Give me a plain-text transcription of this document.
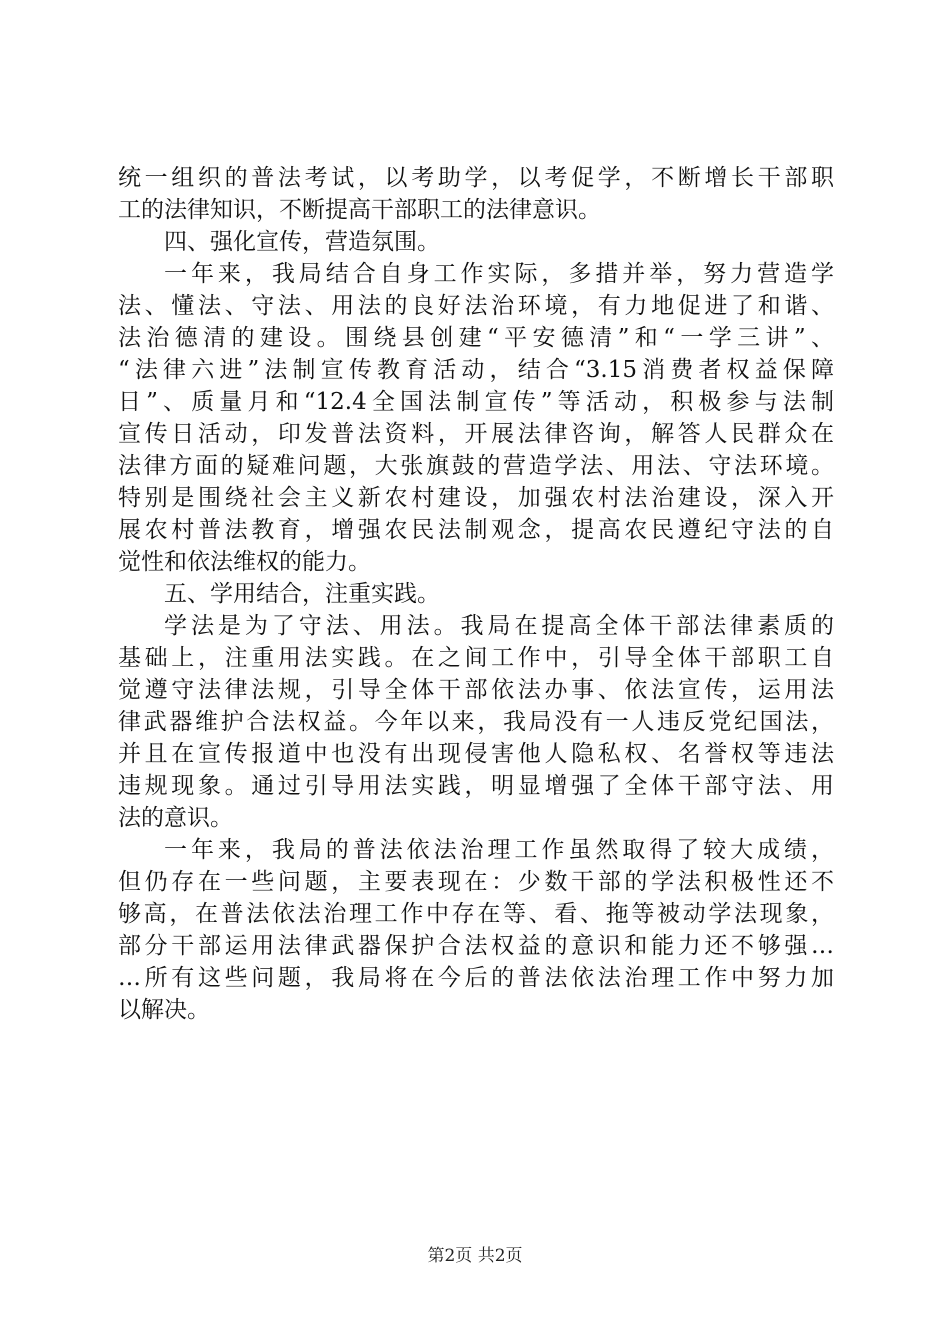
统一组织的普法考试，以考助学，以考促学，不断增长干部职
工的法律知识，不断提高干部职工的法律意识。
四、强化宣传，营造氛围。
一年来，我局结合自身工作实际，多措并举，努力营造学
法、懂法、守法、用法的良好法治环境，有力地促进了和谐、
法治德清的建设。围绕县创建“平安德清”和“一学三讲”、
“法律六进”法制宣传教育活动，结合“3.15消费者权益保障
日”、质量月和“12.4全国法制宣传”等活动，积极参与法制
宣传日活动，印发普法资料，开展法律咨询，解答人民群众在
法律方面的疑难问题，大张旗鼓的营造学法、用法、守法环境。
特别是围绕社会主义新农村建设，加强农村法治建设，深入开
展农村普法教育，增强农民法制观念，提高农民遵纪守法的自
觉性和依法维权的能力。
五、学用结合，注重实践。
学法是为了守法、用法。我局在提高全体干部法律素质的
基础上，注重用法实践。在之间工作中，引导全体干部职工自
觉遵守法律法规，引导全体干部依法办事、依法宣传，运用法
律武器维护合法权益。今年以来，我局没有一人违反党纪国法，
并且在宣传报道中也没有出现侵害他人隐私权、名誉权等违法
违规现象。通过引导用法实践，明显增强了全体干部守法、用
法的意识。
一年来，我局的普法依法治理工作虽然取得了较大成绩，
但仍存在一些问题，主要表现在：少数干部的学法积极性还不
够高，在普法依法治理工作中存在等、看、拖等被动学法现象，
部分干部运用法律武器保护合法权益的意识和能力还不够强…
…所有这些问题，我局将在今后的普法依法治理工作中努力加
以解决。
第2页 共2页
